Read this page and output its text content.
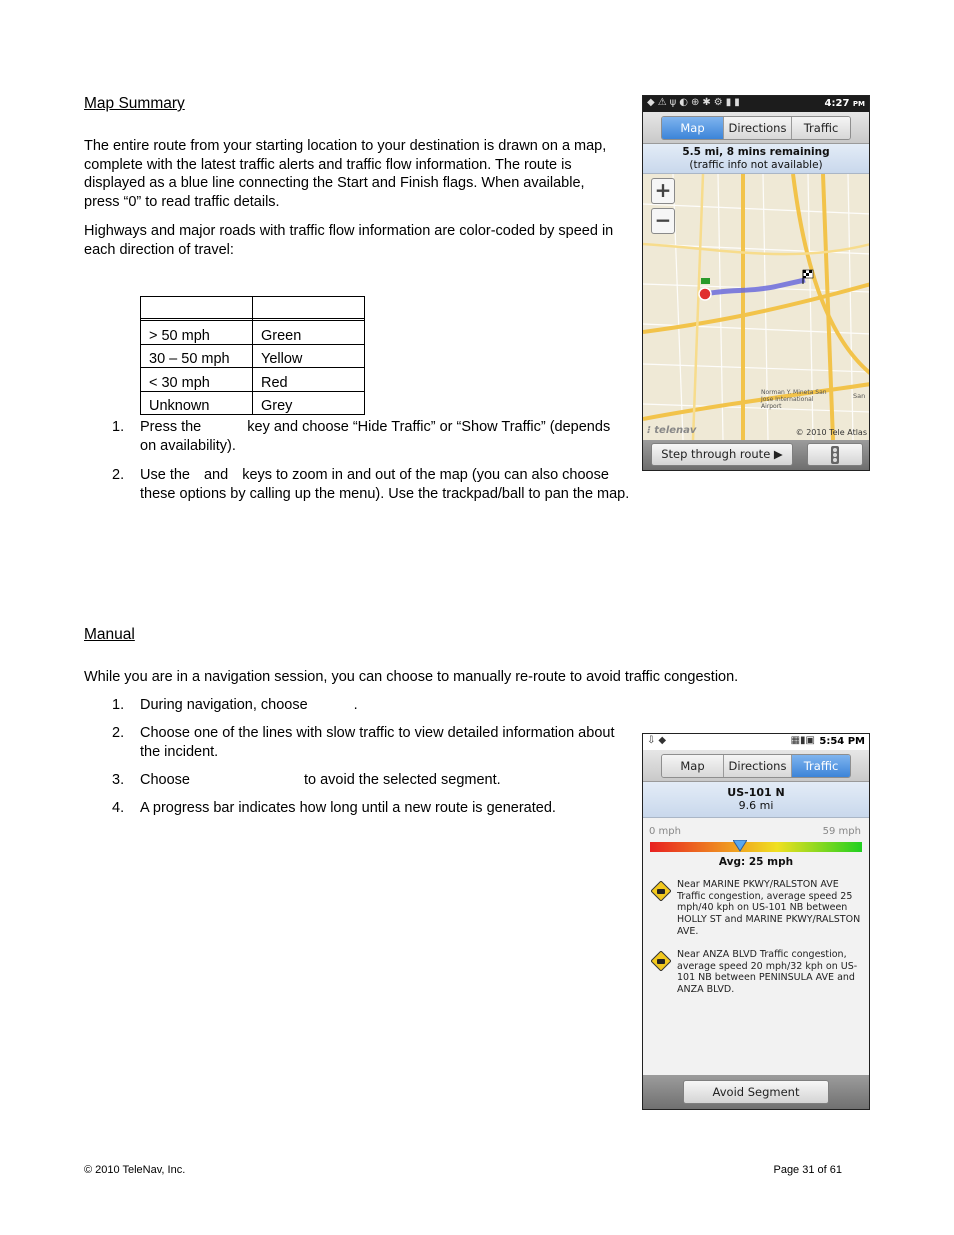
Map Summary
The entire route from your starting location to your destination is drawn on a map, complete with the latest traffic alerts and traffic flow information. The route is displayed as a blue line connecting the Start and Finish flags. When available, press “0” to read traffic details.
Highways and major roads with traffic flow information are color-coded by speed in each direction of travel:

> 50 mph	Green
30 – 50 mph	Yellow
< 30 mph	Red
Unknown	Grey
1. Press the	key and choose “Hide Traffic” or “Show Traffic” (depends on availability).
2. Use the and keys to zoom in and out of the map (you can also choose these options by calling up the menu). Use the trackpad/ball to pan the map.
Manual
While you are in a navigation session, you can choose to manually re-route to avoid traffic congestion.
1. During navigation, choose	.
2. Choose one of the lines with slow traffic to view detailed information about the incident.
3. Choose	to avoid the selected segment.
4. A progress bar indicates how long until a new route is generated.
◆⚠ψ◐⊕✱⚙▮▮	4:27 PM
Map	Directions	Traffic
5.5 mi, 8 mins remaining
(traffic info not available)
Norman Y. Mineta San Jose International Airport
San
+
−
⁝ telenav	© 2010 Tele Atlas
Step through route ▶
⇩◆	▦▮▣ 5:54 PM
Map	Directions	Traffic
US-101 N
9.6 mi
0 mph	59 mph
Avg: 25 mph
Near MARINE PKWY/RALSTON AVE Traffic congestion, average speed 25 mph/40 kph on US-101 NB between HOLLY ST and MARINE PKWY/RALSTON AVE.
Near ANZA BLVD Traffic congestion, average speed 20 mph/32 kph on US-101 NB between PENINSULA AVE and ANZA BLVD.
Avoid Segment
© 2010 TeleNav, Inc.	Page 31 of 61
